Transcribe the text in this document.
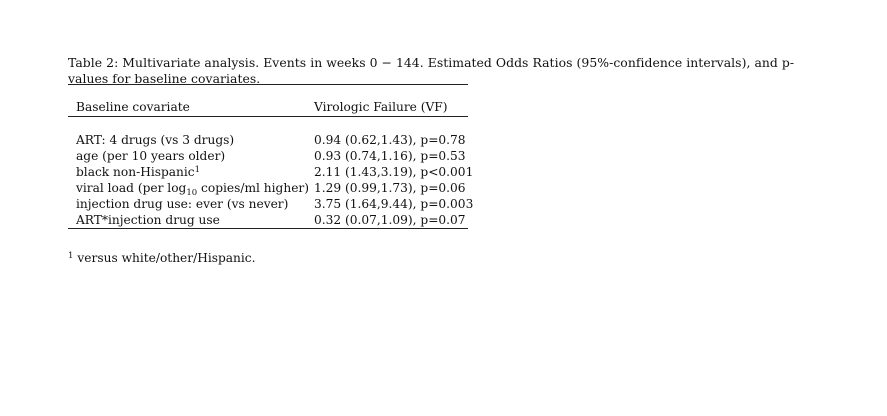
Table 2: Multivariate analysis. Events in weeks 0 − 144. Estimated Odds Ratios (95%-confidence intervals), and p-values for baseline covariates.
Baseline covariate	Virologic Failure (VF)
ART: 4 drugs (vs 3 drugs)	0.94 (0.62,1.43), p=0.78
age (per 10 years older)	0.93 (0.74,1.16), p=0.53
black non-Hispanic$^1$	2.11 (1.43,3.19), p<0.001
viral load (per $\log_{10}$ copies/ml higher) 1.29 (0.99,1.73), p=0.06
injection drug use: ever (vs never) 3.75 (1.64,9.44), p=0.003
ART*injection drug use	0.32 (0.07,1.09), p=0.07
$^1$ versus white/other/Hispanic.
